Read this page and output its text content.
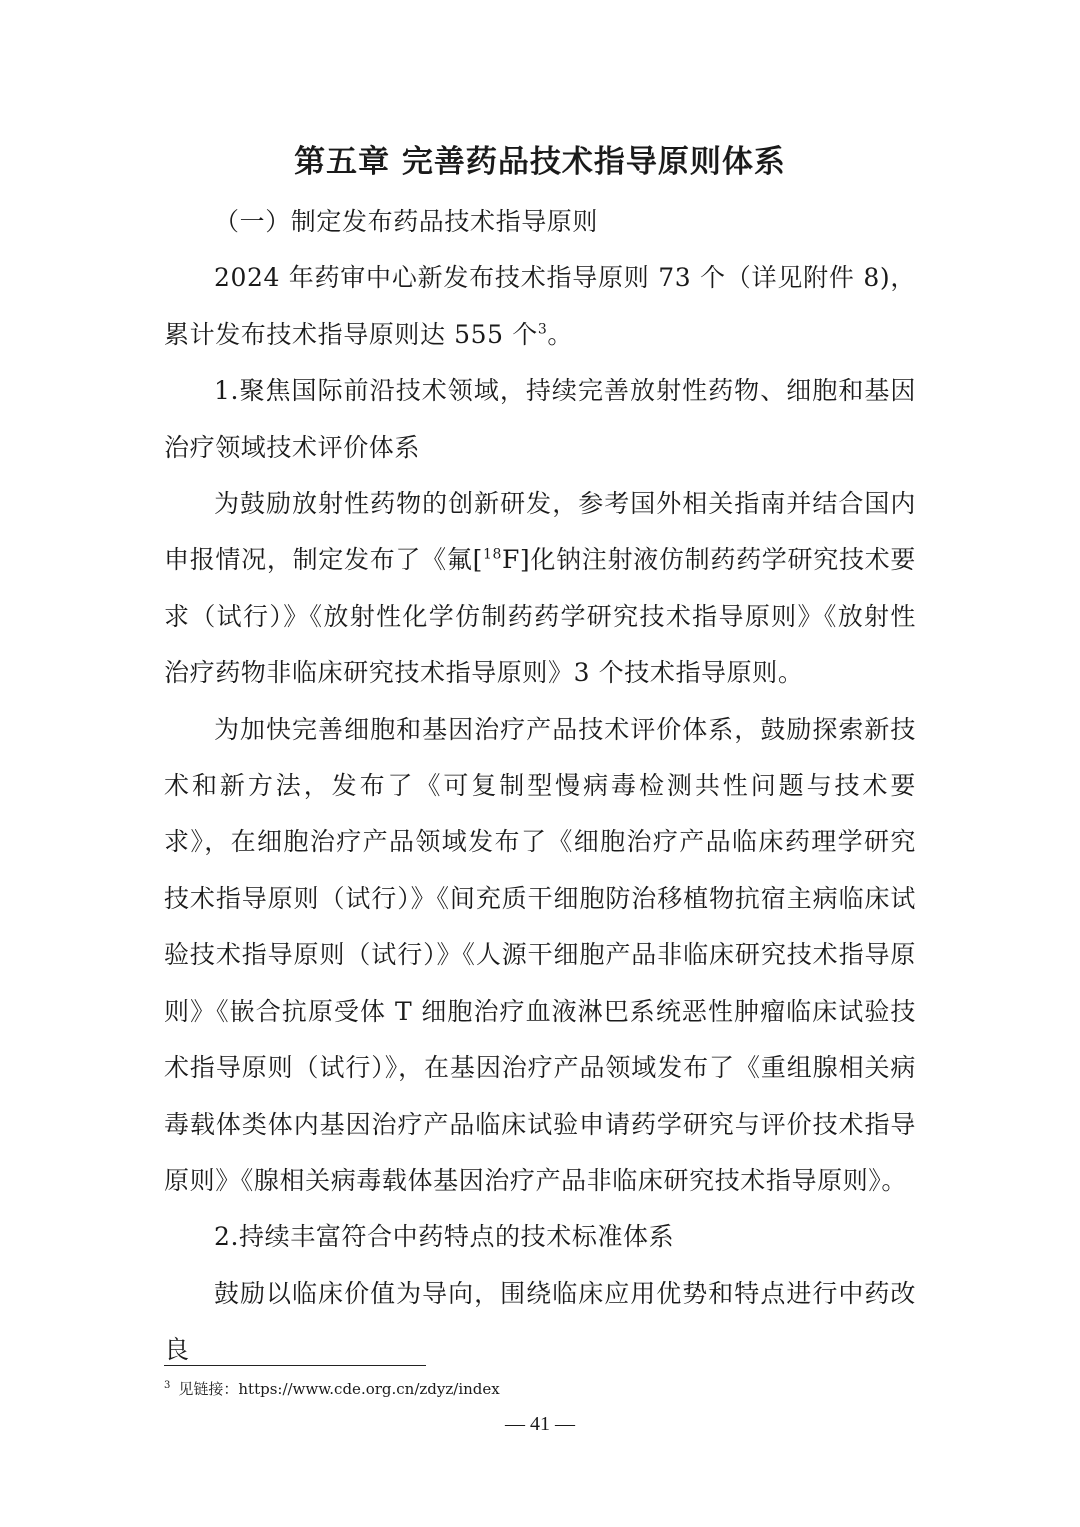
第五章 完善药品技术指导原则体系

（一）制定发布药品技术指导原则

2024 年药审中心新发布技术指导原则 73 个（详见附件 8)，累计发布技术指导原则达 555 个$^3$。

1.聚焦国际前沿技术领域，持续完善放射性药物、细胞和基因治疗领域技术评价体系

为鼓励放射性药物的创新研发，参考国外相关指南并结合国内申报情况，制定发布了《氟[$^{18}$F]化钠注射液仿制药药学研究技术要求（试行）》《放射性化学仿制药药学研究技术指导原则》《放射性治疗药物非临床研究技术指导原则》3 个技术指导原则。

为加快完善细胞和基因治疗产品技术评价体系，鼓励探索新技术和新方法，发布了《可复制型慢病毒检测共性问题与技术要求》，在细胞治疗产品领域发布了《细胞治疗产品临床药理学研究技术指导原则（试行）》《间充质干细胞防治移植物抗宿主病临床试验技术指导原则（试行）》《人源干细胞产品非临床研究技术指导原则》《嵌合抗原受体 T 细胞治疗血液淋巴系统恶性肿瘤临床试验技术指导原则（试行）》，在基因治疗产品领域发布了《重组腺相关病毒载体类体内基因治疗产品临床试验申请药学研究与评价技术指导原则》《腺相关病毒载体基因治疗产品非临床研究技术指导原则》。

2.持续丰富符合中药特点的技术标准体系

鼓励以临床价值为导向，围绕临床应用优势和特点进行中药改良

$^3$ 见链接：https://www.cde.org.cn/zdyz/index
— 41 —
